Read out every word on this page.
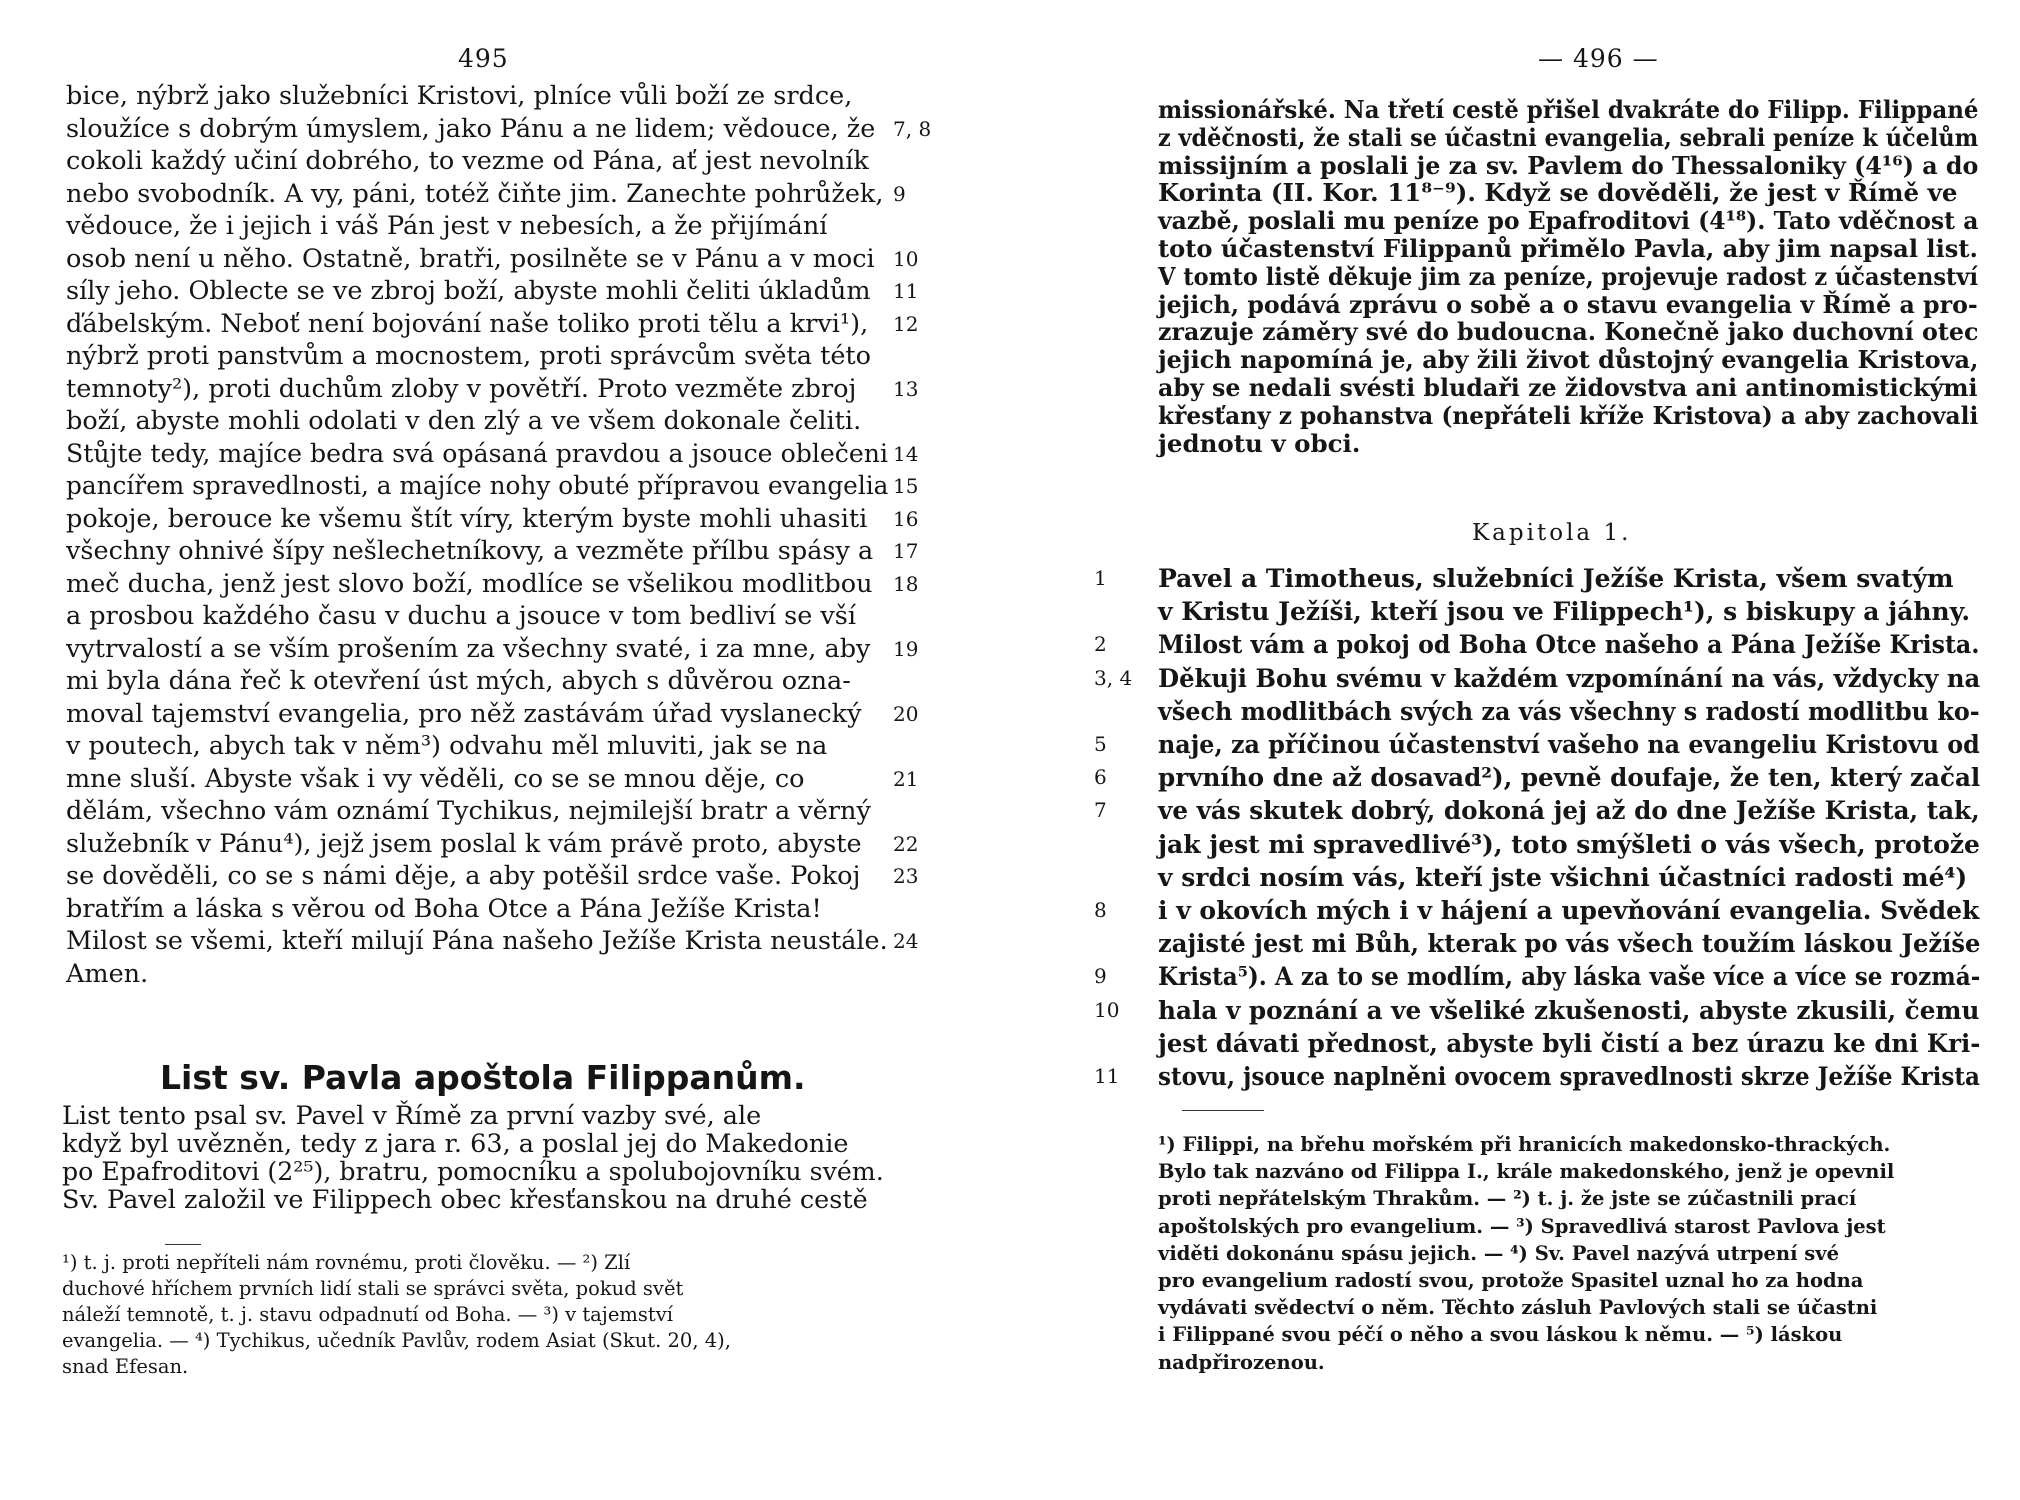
495
bice, nýbrž jako služebníci Kristovi, plníce vůli boží ze srdce,
sloužíce s dobrým úmyslem, jako Pánu a ne lidem; vědouce, že
cokoli každý učiní dobrého, to vezme od Pána, ať jest nevolník
nebo svobodník. A vy, páni, totéž čiňte jim. Zanechte pohrůžek,
vědouce, že i jejich i váš Pán jest v nebesích, a že přijímání
osob není u něho. Ostatně, bratři, posilněte se v Pánu a v moci
síly jeho. Oblecte se ve zbroj boží, abyste mohli čeliti úkladům
ďábelským. Neboť není bojování naše toliko proti tělu a krvi¹),
nýbrž proti panstvům a mocnostem, proti správcům světa této
temnoty²), proti duchům zloby v povětří. Proto vezměte zbroj
boží, abyste mohli odolati v den zlý a ve všem dokonale čeliti.
Stůjte tedy, majíce bedra svá opásaná pravdou a jsouce oblečeni
pancířem spravedlnosti, a majíce nohy obuté přípravou evangelia
pokoje, berouce ke všemu štít víry, kterým byste mohli uhasiti
všechny ohnivé šípy nešlechetníkovy, a vezměte přílbu spásy a
meč ducha, jenž jest slovo boží, modlíce se všelikou modlitbou
a prosbou každého času v duchu a jsouce v tom bedliví se vší
vytrvalostí a se vším prošením za všechny svaté, i za mne, aby
mi byla dána řeč k otevření úst mých, abych s důvěrou ozna-
moval tajemství evangelia, pro něž zastávám úřad vyslanecký
v poutech, abych tak v něm³) odvahu měl mluviti, jak se na
mne sluší. Abyste však i vy věděli, co se se mnou děje, co
dělám, všechno vám oznámí Tychikus, nejmilejší bratr a věrný
služebník v Pánu⁴), jejž jsem poslal k vám právě proto, abyste
se dověděli, co se s námi děje, a aby potěšil srdce vaše. Pokoj
bratřím a láska s věrou od Boha Otce a Pána Ježíše Krista!
Milost se všemi, kteří milují Pána našeho Ježíše Krista neustále.
Amen.
7, 8
9
10
11
12
13
14
15
16
17
18
19
20
21
22
23
24
List sv. Pavla apoštola Filippanům.
List tento psal sv. Pavel v Římě za první vazby své, ale
když byl uvězněn, tedy z jara r. 63, a poslal jej do Makedonie
po Epafroditovi (2²⁵), bratru, pomocníku a spolubojovníku svém.
Sv. Pavel založil ve Filippech obec křesťanskou na druhé cestě
¹) t. j. proti nepříteli nám rovnému, proti člověku. — ²) Zlí
duchové hříchem prvních lidí stali se správci světa, pokud svět
náleží temnotě, t. j. stavu odpadnutí od Boha. — ³) v tajemství
evangelia. — ⁴) Tychikus, učedník Pavlův, rodem Asiat (Skut. 20, 4),
snad Efesan.
— 496 —
missionářské. Na třetí cestě přišel dvakráte do Filipp. Filippané
z vděčnosti, že stali se účastni evangelia, sebrali peníze k účelům
missijním a poslali je za sv. Pavlem do Thessaloniky (4¹⁶) a do
Korinta (II. Kor. 11⁸⁻⁹). Když se dověděli, že jest v Římě ve
vazbě, poslali mu peníze po Epafroditovi (4¹⁸). Tato vděčnost a
toto účastenství Filippanů přimělo Pavla, aby jim napsal list.
V tomto listě děkuje jim za peníze, projevuje radost z účastenství
jejich, podává zprávu o sobě a o stavu evangelia v Římě a pro-
zrazuje záměry své do budoucna. Konečně jako duchovní otec
jejich napomíná je, aby žili život důstojný evangelia Kristova,
aby se nedali svésti bludaři ze židovstva ani antinomistickými
křesťany z pohanstva (nepřáteli kříže Kristova) a aby zachovali
jednotu v obci.
Kapitola 1.
Pavel a Timotheus, služebníci Ježíše Krista, všem svatým
v Kristu Ježíši, kteří jsou ve Filippech¹), s biskupy a jáhny.
Milost vám a pokoj od Boha Otce našeho a Pána Ježíše Krista.
Děkuji Bohu svému v každém vzpomínání na vás, vždycky na
všech modlitbách svých za vás všechny s radostí modlitbu ko-
naje, za příčinou účastenství vašeho na evangeliu Kristovu od
prvního dne až dosavad²), pevně doufaje, že ten, který začal
ve vás skutek dobrý, dokoná jej až do dne Ježíše Krista, tak,
jak jest mi spravedlivé³), toto smýšleti o vás všech, protože
v srdci nosím vás, kteří jste všichni účastníci radosti mé⁴)
i v okovích mých i v hájení a upevňování evangelia. Svědek
zajisté jest mi Bůh, kterak po vás všech toužím láskou Ježíše
Krista⁵). A za to se modlím, aby láska vaše více a více se rozmá-
hala v poznání a ve všeliké zkušenosti, abyste zkusili, čemu
jest dávati přednost, abyste byli čistí a bez úrazu ke dni Kri-
stovu, jsouce naplněni ovocem spravedlnosti skrze Ježíše Krista
1
2
3, 4
5
6
7
8
9
10
11
¹) Filippi, na břehu mořském při hranicích makedonsko-thrackých.
Bylo tak nazváno od Filippa I., krále makedonského, jenž je opevnil
proti nepřátelským Thrakům. — ²) t. j. že jste se zúčastnili prací
apoštolských pro evangelium. — ³) Spravedlivá starost Pavlova jest
viděti dokonánu spásu jejich. — ⁴) Sv. Pavel nazývá utrpení své
pro evangelium radostí svou, protože Spasitel uznal ho za hodna
vydávati svědectví o něm. Těchto zásluh Pavlových stali se účastni
i Filippané svou péčí o něho a svou láskou k němu. — ⁵) láskou
nadpřirozenou.
